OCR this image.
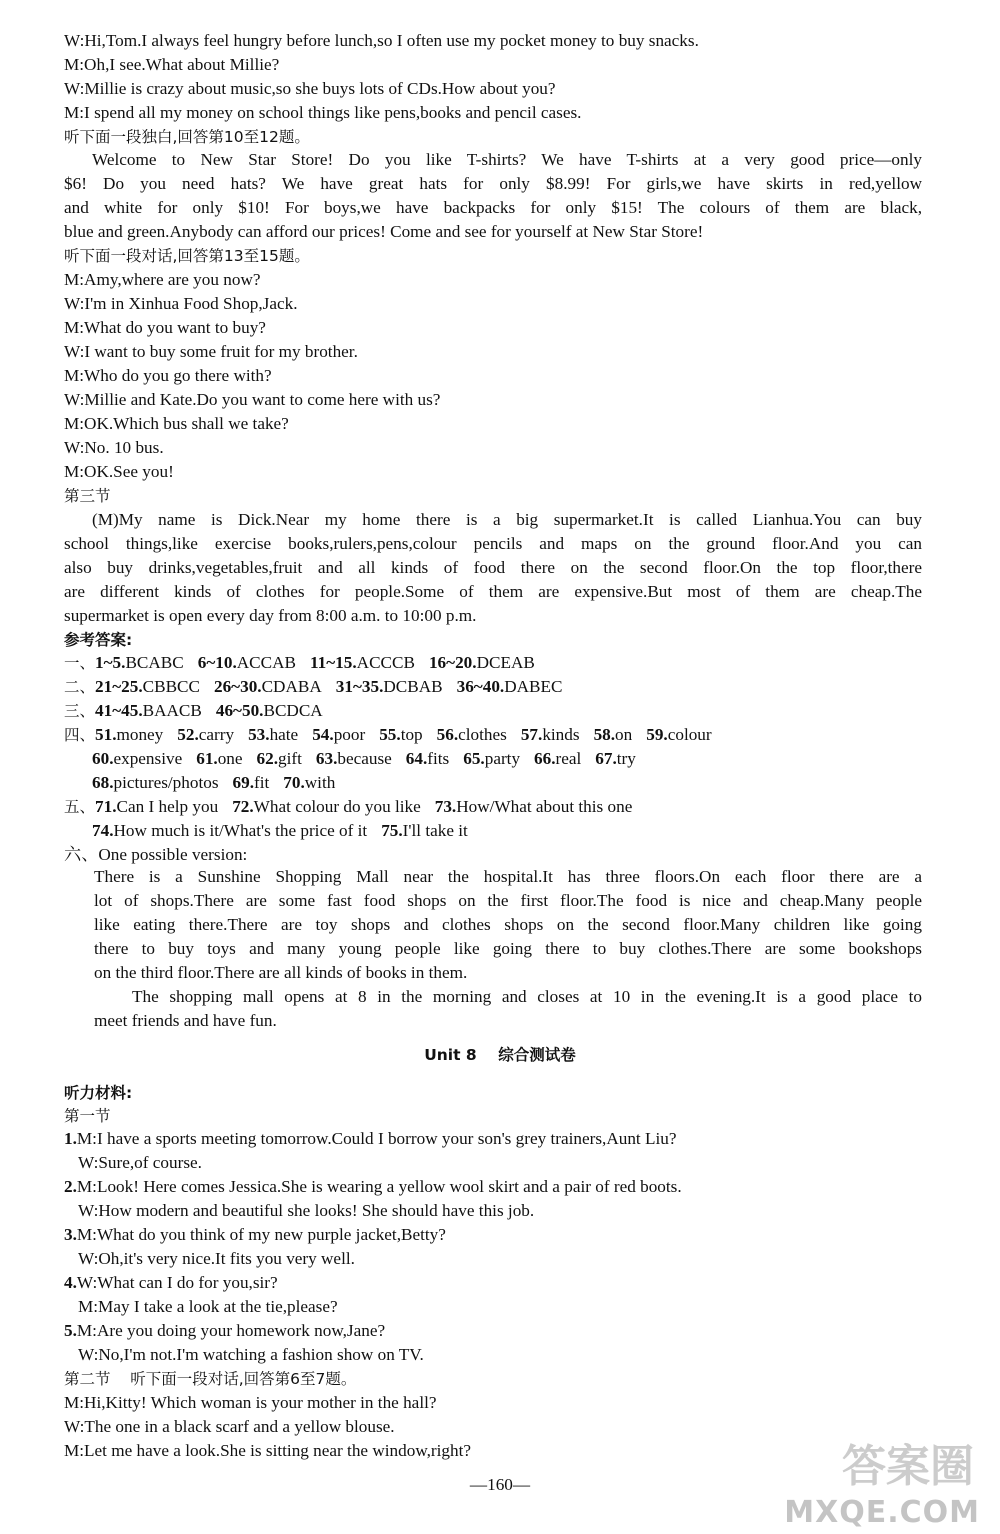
W:Hi,Tom.I always feel hungry before lunch,so I often use my pocket money to buy snacks.
M:Oh,I see.What about Millie?
W:Millie is crazy about music,so she buys lots of CDs.How about you?
M:I spend all my money on school things like pens,books and pencil cases.
听下面一段独白,回答第10至12题。
Welcome to New Star Store! Do you like T-shirts? We have T-shirts at a very good price—only
$6! Do you need hats? We have great hats for only $8.99! For girls,we have skirts in red,yellow
and white for only $10! For boys,we have backpacks for only $15! The colours of them are black,
blue and green.Anybody can afford our prices! Come and see for yourself at New Star Store!
听下面一段对话,回答第13至15题。
M:Amy,where are you now?
W:I'm in Xinhua Food Shop,Jack.
M:What do you want to buy?
W:I want to buy some fruit for my brother.
M:Who do you go there with?
W:Millie and Kate.Do you want to come here with us?
M:OK.Which bus shall we take?
W:No. 10 bus.
M:OK.See you!
第三节
(M)My name is Dick.Near my home there is a big supermarket.It is called Lianhua.You can buy
school things,like exercise books,rulers,pens,colour pencils and maps on the ground floor.And you can
also buy drinks,vegetables,fruit and all kinds of food there on the second floor.On the top floor,there
are different kinds of clothes for people.Some of them are expensive.But most of them are cheap.The
supermarket is open every day from 8:00 a.m. to 10:00 p.m.
参考答案:
一、1~5.BCABC 6~10.ACCAB 11~15.ACCCB 16~20.DCEAB
二、21~25.CBBCC 26~30.CDABA 31~35.DCBAB 36~40.DABEC
三、41~45.BAACB 46~50.BCDCA
四、51.money 52.carry 53.hate 54.poor 55.top 56.clothes 57.kinds 58.on 59.colour
60.expensive 61.one 62.gift 63.because 64.fits 65.party 66.real 67.try
68.pictures/photos 69.fit 70.with
五、71.Can I help you 72.What colour do you like 73.How/What about this one
74.How much is it/What's the price of it 75.I'll take it
六、One possible version:
There is a Sunshine Shopping Mall near the hospital.It has three floors.On each floor there are a
lot of shops.There are some fast food shops on the first floor.The food is nice and cheap.Many people
like eating there.There are toy shops and clothes shops on the second floor.Many children like going
there to buy toys and many young people like going there to buy clothes.There are some bookshops
on the third floor.There are all kinds of books in them.
The shopping mall opens at 8 in the morning and closes at 10 in the evening.It is a good place to
meet friends and have fun.
Unit 8    综合测试卷
听力材料:
第一节
1.M:I have a sports meeting tomorrow.Could I borrow your son's grey trainers,Aunt Liu?
W:Sure,of course.
2.M:Look! Here comes Jessica.She is wearing a yellow wool skirt and a pair of red boots.
W:How modern and beautiful she looks! She should have this job.
3.M:What do you think of my new purple jacket,Betty?
W:Oh,it's very nice.It fits you very well.
4.W:What can I do for you,sir?
M:May I take a look at the tie,please?
5.M:Are you doing your homework now,Jane?
W:No,I'm not.I'm watching a fashion show on TV.
第二节    听下面一段对话,回答第6至7题。
M:Hi,Kitty! Which woman is your mother in the hall?
W:The one in a black scarf and a yellow blouse.
M:Let me have a look.She is sitting near the window,right?
—160—	答案圈
MXQE.COM
